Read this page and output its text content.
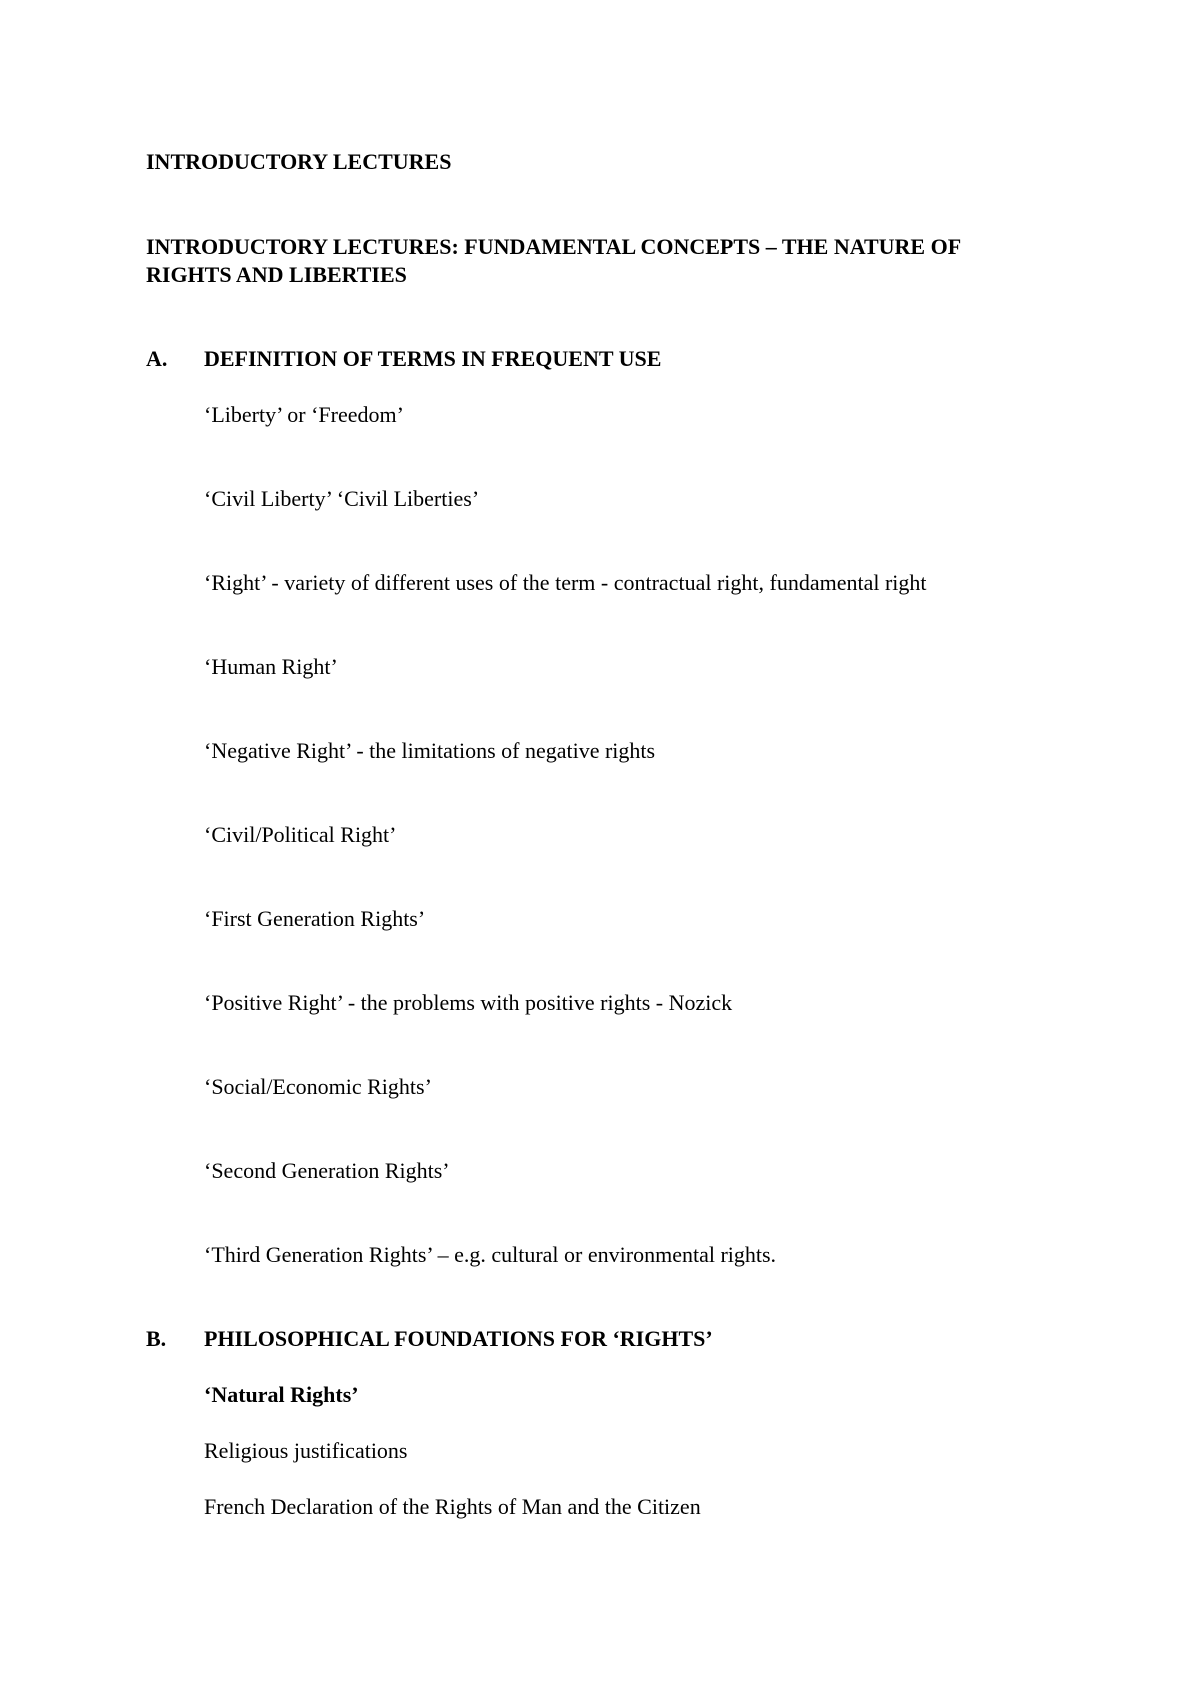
INTRODUCTORY LECTURES
INTRODUCTORY LECTURES: FUNDAMENTAL CONCEPTS – THE NATURE OF
RIGHTS AND LIBERTIES
A. DEFINITION OF TERMS IN FREQUENT USE
‘Liberty’ or ‘Freedom’
‘Civil Liberty’ ‘Civil Liberties’
‘Right’ - variety of different uses of the term - contractual right, fundamental right
‘Human Right’
‘Negative Right’ - the limitations of negative rights
‘Civil/Political Right’
‘First Generation Rights’
‘Positive Right’ - the problems with positive rights - Nozick
‘Social/Economic Rights’
‘Second Generation Rights’
‘Third Generation Rights’ – e.g. cultural or environmental rights.
B. PHILOSOPHICAL FOUNDATIONS FOR ‘RIGHTS’
‘Natural Rights’
Religious justifications
French Declaration of the Rights of Man and the Citizen
